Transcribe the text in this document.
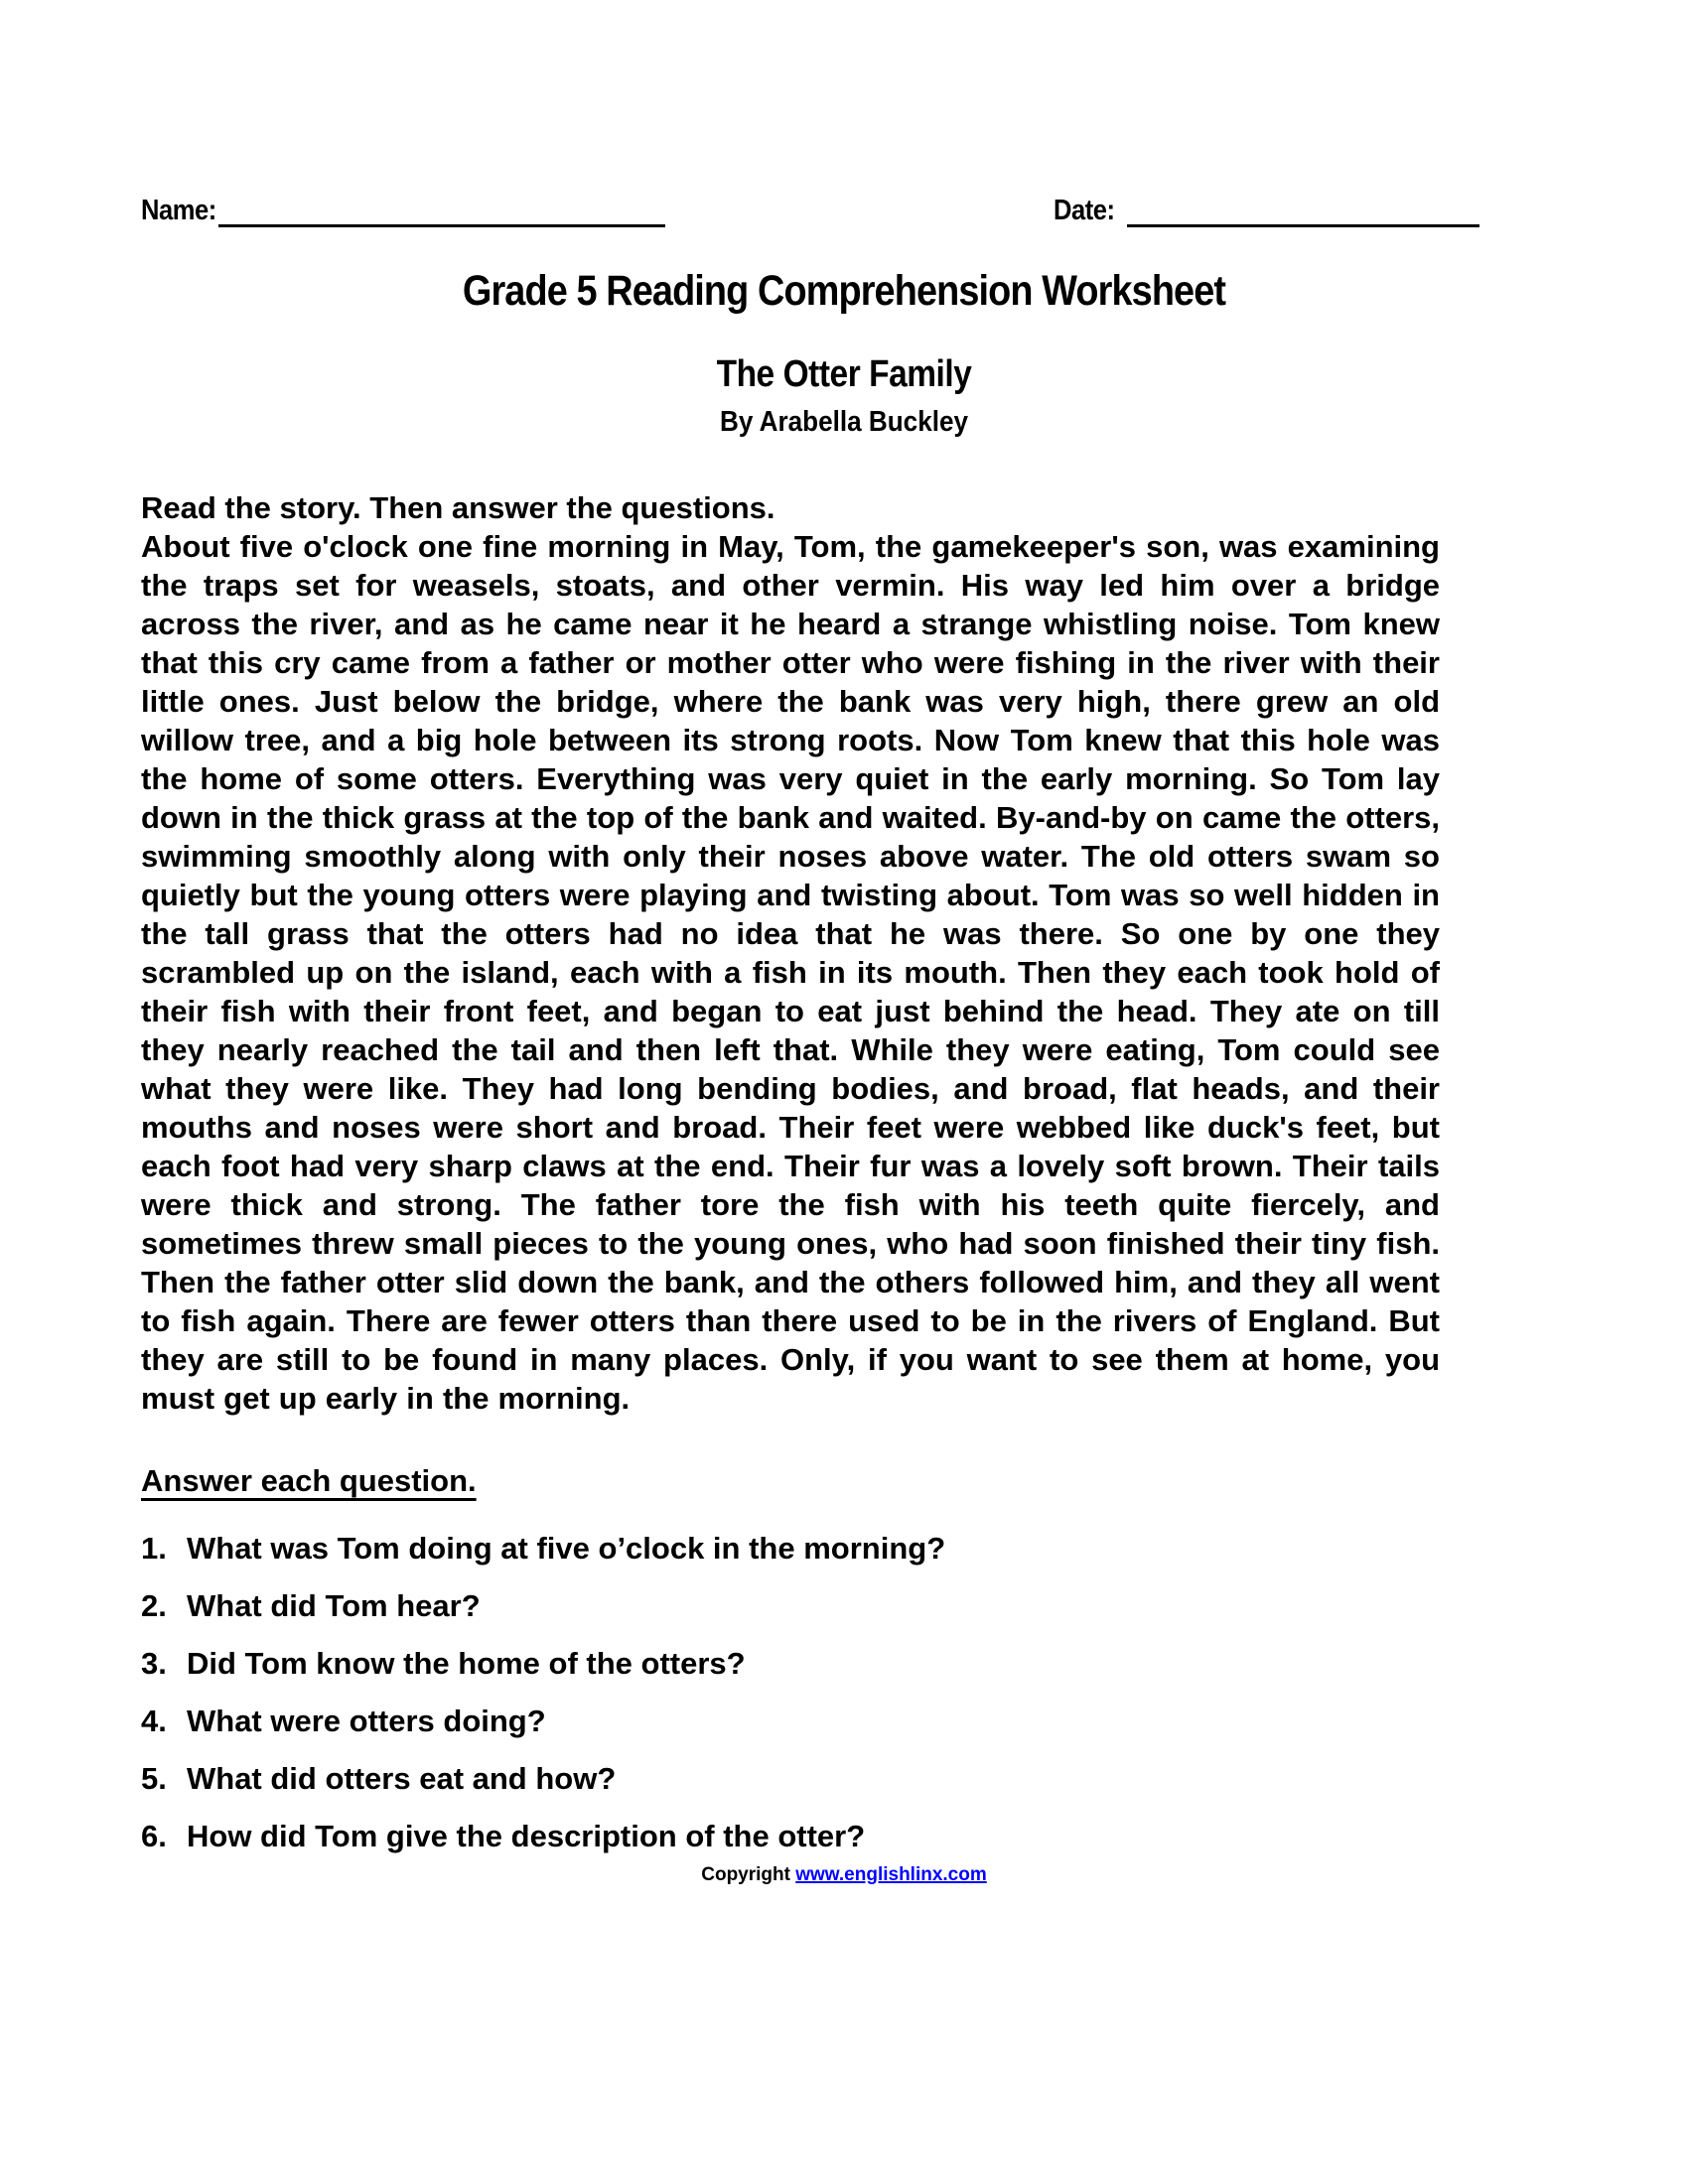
Name:	Date:
Grade 5 Reading Comprehension Worksheet
The Otter Family
By Arabella Buckley
Read the story. Then answer the questions.
About five o'clock one fine morning in May, Tom, the gamekeeper's son, was examining the traps set for weasels, stoats, and other vermin. His way led him over a bridge across the river, and as he came near it he heard a strange whistling noise. Tom knew that this cry came from a father or mother otter who were fishing in the river with their little ones. Just below the bridge, where the bank was very high, there grew an old willow tree, and a big hole between its strong roots. Now Tom knew that this hole was the home of some otters. Everything was very quiet in the early morning. So Tom lay down in the thick grass at the top of the bank and waited. By-and-by on came the otters, swimming smoothly along with only their noses above water. The old otters swam so quietly but the young otters were playing and twisting about. Tom was so well hidden in the tall grass that the otters had no idea that he was there. So one by one they scrambled up on the island, each with a fish in its mouth. Then they each took hold of their fish with their front feet, and began to eat just behind the head. They ate on till they nearly reached the tail and then left that. While they were eating, Tom could see what they were like. They had long bending bodies, and broad, flat heads, and their mouths and noses were short and broad. Their feet were webbed like duck's feet, but each foot had very sharp claws at the end. Their fur was a lovely soft brown. Their tails were thick and strong. The father tore the fish with his teeth quite fiercely, and sometimes threw small pieces to the young ones, who had soon finished their tiny fish. Then the father otter slid down the bank, and the others followed him, and they all went to fish again. There are fewer otters than there used to be in the rivers of England. But they are still to be found in many places. Only, if you want to see them at home, you must get up early in the morning.
Answer each question.
1. What was Tom doing at five o’clock in the morning?
2. What did Tom hear?
3. Did Tom know the home of the otters?
4. What were otters doing?
5. What did otters eat and how?
6. How did Tom give the description of the otter?
Copyright www.englishlinx.com
